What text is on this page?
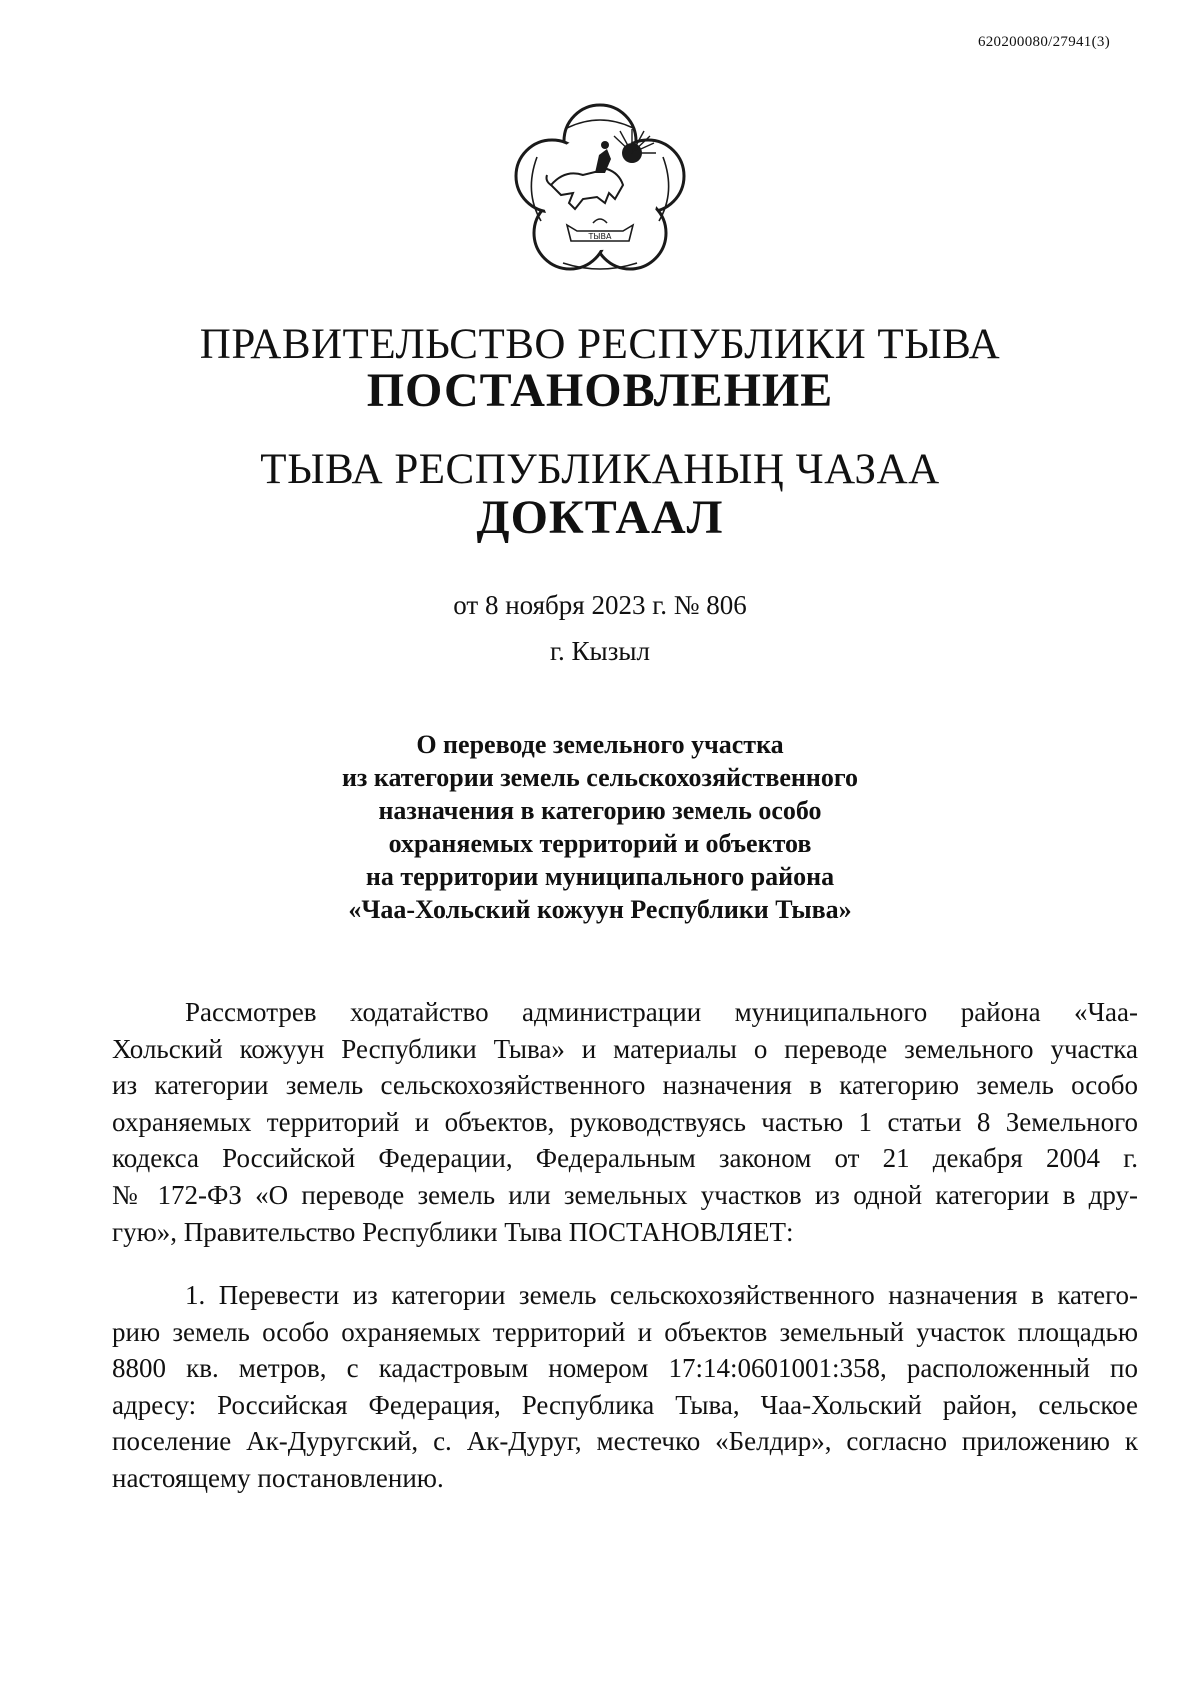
620200080/27941(3)
ТЫВА
ПРАВИТЕЛЬСТВО РЕСПУБЛИКИ ТЫВА
ПОСТАНОВЛЕНИЕ
ТЫВА РЕСПУБЛИКАНЫҢ ЧАЗАА
ДОКТААЛ
от 8 ноября 2023 г. № 806
г. Кызыл
О переводе земельного участка
из категории земель сельскохозяйственного
назначения в категорию земель особо
охраняемых территорий и объектов
на территории муниципального района
«Чаа-Хольский кожуун Республики Тыва»
Рассмотрев ходатайство администрации муниципального района «Чаа-
Хольский кожуун Республики Тыва» и материалы о переводе земельного участка
из категории земель сельскохозяйственного назначения в категорию земель особо
охраняемых территорий и объектов, руководствуясь частью 1 статьи 8 Земельного
кодекса Российской Федерации, Федеральным законом от 21 декабря 2004 г.
№ 172-ФЗ «О переводе земель или земельных участков из одной категории в дру-
гую», Правительство Республики Тыва ПОСТАНОВЛЯЕТ:
1. Перевести из категории земель сельскохозяйственного назначения в катего-
рию земель особо охраняемых территорий и объектов земельный участок площадью
8800 кв. метров, с кадастровым номером 17:14:0601001:358, расположенный по
адресу: Российская Федерация, Республика Тыва, Чаа-Хольский район, сельское
поселение Ак-Дуругский, с. Ак-Дуруг, местечко «Белдир», согласно приложению к
настоящему постановлению.
